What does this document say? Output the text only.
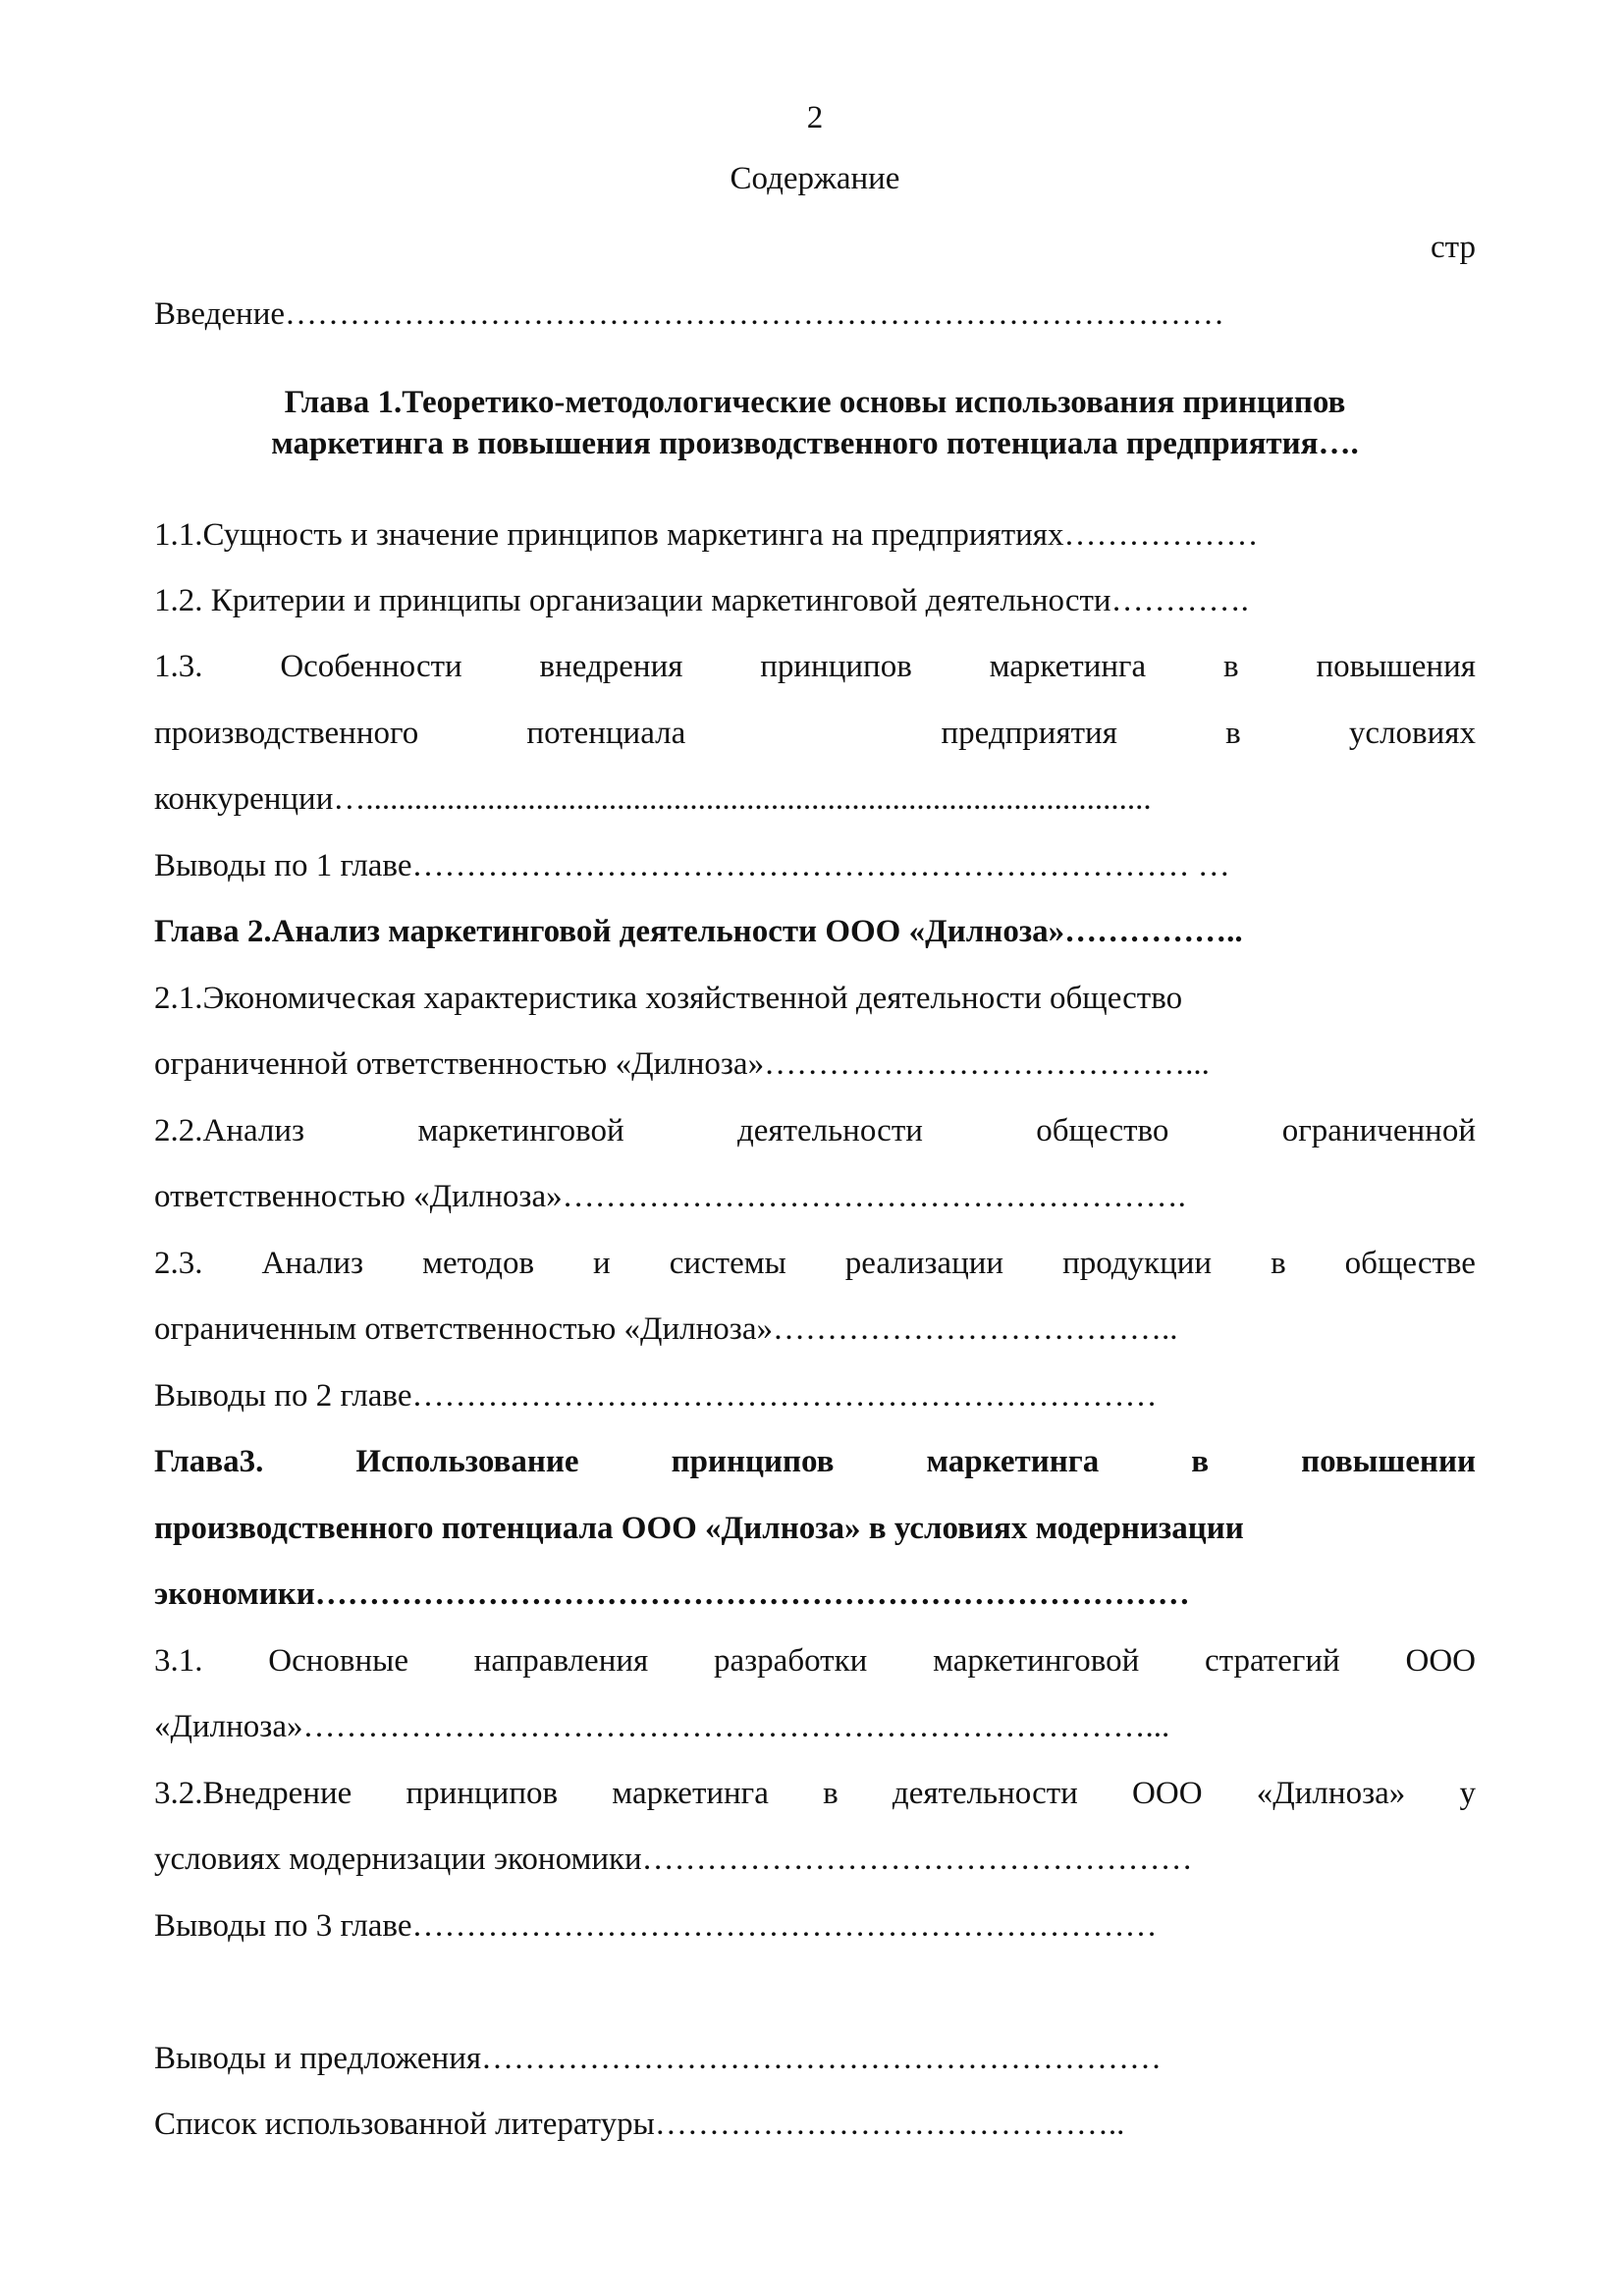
2
Содержание
стр
Введение……………………………………………………………………………
Глава 1.Теоретико-методологические основы использования принципов
маркетинга в повышения производственного потенциала предприятия….
1.1.Сущность и значение принципов маркетинга на предприятиях………………
1.2. Критерии и принципы организации маркетинговой деятельности………….
1.3. Особенности внедрения принципов маркетинга в повышения
производственного	потенциала	предприятия	в	условиях
конкуренции….................................................................................................
Выводы по 1 главе……………………………………………………………… …
Глава 2.Анализ маркетинговой деятельности ООО «Дилноза»……………..
2.1.Экономическая характеристика хозяйственной деятельности общество
ограниченной ответственностью «Дилноза»…………………………………...
2.2.Анализ	маркетинговой	деятельности	общество	ограниченной
ответственностью «Дилноза»………………………………………………….
2.3. Анализ методов и системы реализации продукции в обществе
ограниченным ответственностью «Дилноза»………………………………..
Выводы по 2 главе……………………………………………………………
Глава3.	Использование	принципов	маркетинга	в	повышении
производственного потенциала ООО «Дилноза» в условиях модернизации
экономики………………………………………………………………………
3.1. Основные направления разработки маркетинговой стратегий ООО
«Дилноза»……………………………………………………………………...
3.2.Внедрение принципов маркетинга в деятельности ООО «Дилноза» у
условиях модернизации экономики……………………………………………
Выводы по 3 главе……………………………………………………………
Выводы и предложения………………………………………………………
Список использованной литературы……………………………………..
